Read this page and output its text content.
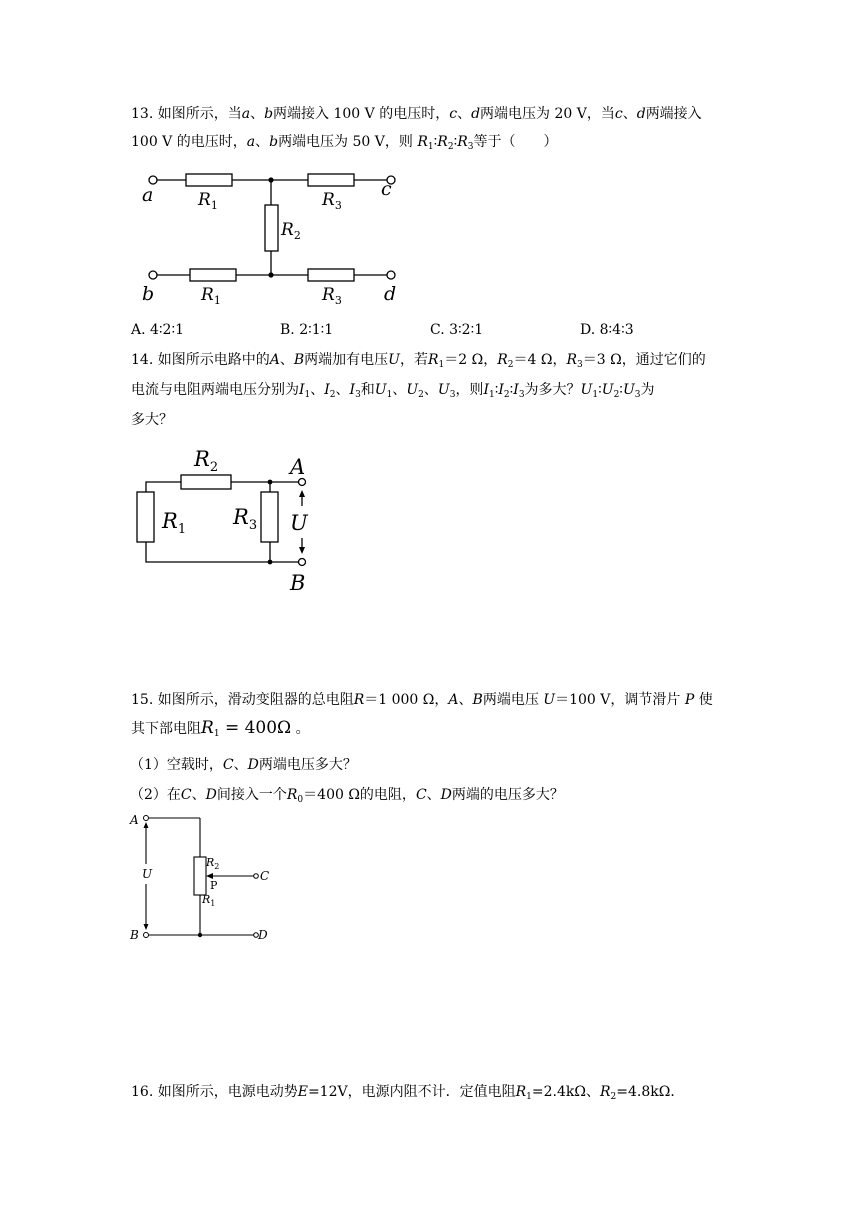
13. 如图所示，当a、b两端接入 100 V 的电压时，c、d两端电压为 20 V，当c、d两端接入
100 V 的电压时，a、b两端电压为 50 V，则 $R_1∶R_2∶R_3$等于（　　）
a	c
b	d
$R_1$	$R_3$
$R_2$
$R_1$	$R_3$
A. 4∶2∶1	B. 2∶1∶1	C. 3∶2∶1	D. 8∶4∶3
14. 如图所示电路中的A、B两端加有电压U，若$R_1=2$ Ω，$R_2=4$ Ω，$R_3=3$ Ω，通过它们的
电流与电阻两端电压分别为$I_1$、$I_2$、$I_3$和$U_1$、$U_2$、$U_3$，则$I_1∶I_2∶I_3$为多大？$U_1∶U_2∶U_3$为
多大？
$R_2$
$R_1$
$R_3$
A
B
U
15. 如图所示，滑动变阻器的总电阻R＝1 000 Ω，A、B两端电压 U＝100 V，调节滑片 P 使
其下部电阻$R_1 = 400\Omega$ 。
（1）空载时，C、D两端电压多大？
（2）在C、D间接入一个$R_0=400$ Ω的电阻，C、D两端的电压多大？
A
B
U	C
D
$R_2$
$R_1$
P
16. 如图所示，电源电动势E=12V，电源内阻不计．定值电阻$R_1=2.4k\Omega$、$R_2=4.8k\Omega$．
